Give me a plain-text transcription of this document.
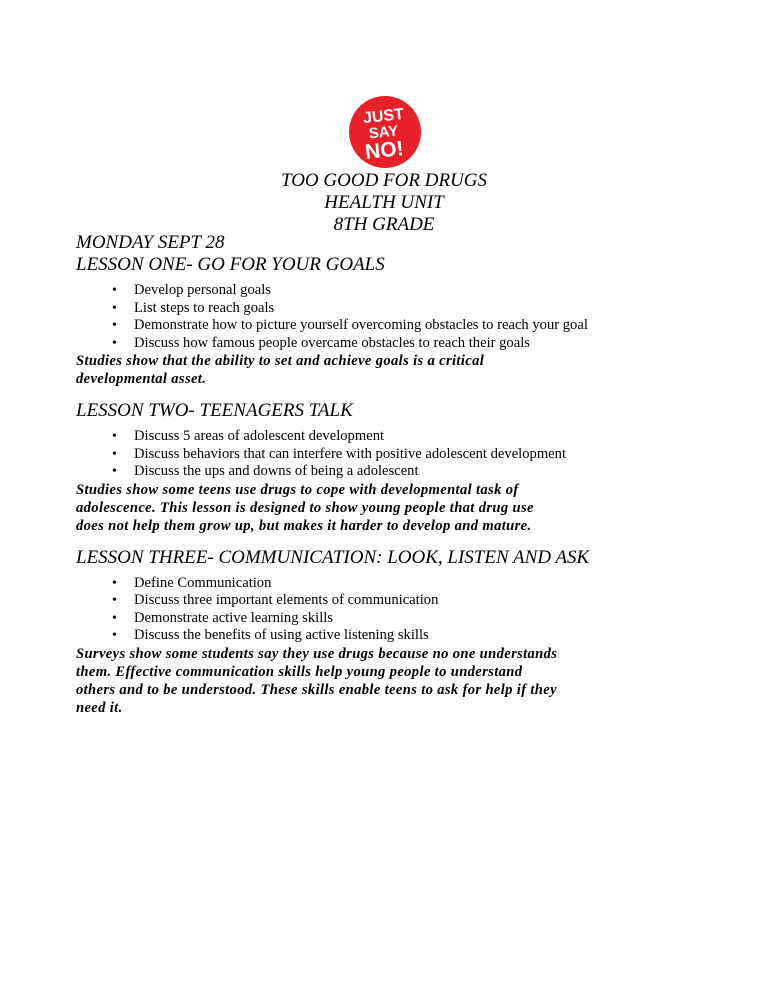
JUST
SAY
NO!
TOO GOOD FOR DRUGS
HEALTH UNIT
8TH GRADE

MONDAY SEPT 28

LESSON ONE- GO FOR YOUR GOALS

• Develop personal goals
• List steps to reach goals
• Demonstrate how to picture yourself overcoming obstacles to reach your goal
• Discuss how famous people overcame obstacles to reach their goals
Studies show that the ability to set and achieve goals is a critical
developmental asset.

LESSON TWO- TEENAGERS TALK

• Discuss 5 areas of adolescent development
• Discuss behaviors that can interfere with positive adolescent development
• Discuss the ups and downs of being a adolescent
Studies show some teens use drugs to cope with developmental task of
adolescence. This lesson is designed to show young people that drug use
does not help them grow up, but makes it harder to develop and mature.

LESSON THREE- COMMUNICATION: LOOK, LISTEN AND ASK

• Define Communication
• Discuss three important elements of communication
• Demonstrate active learning skills
• Discuss the benefits of using active listening skills
Surveys show some students say they use drugs because no one understands
them. Effective communication skills help young people to understand
others and to be understood. These skills enable teens to ask for help if they
need it.
